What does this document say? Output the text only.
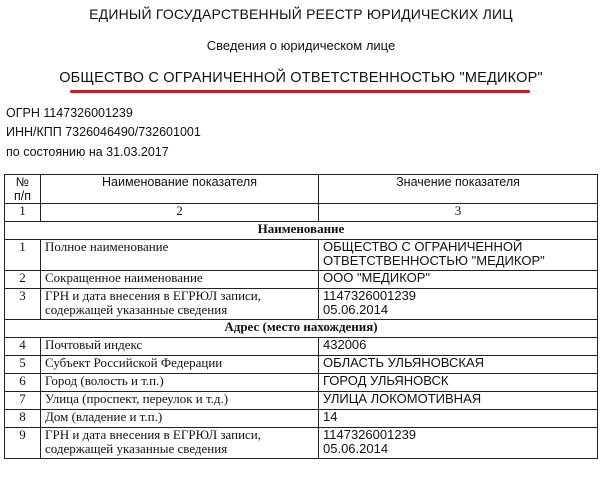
ЕДИНЫЙ ГОСУДАРСТВЕННЫЙ РЕЕСТР ЮРИДИЧЕСКИХ ЛИЦ
Сведения о юридическом лице
ОБЩЕСТВО С ОГРАНИЧЕННОЙ ОТВЕТСТВЕННОСТЬЮ "МЕДИКОР"
ОГРН 1147326001239
ИНН/КПП 7326046490/732601001
по состоянию на 31.03.2017
№ п/п	Наименование показателя	Значение показателя
1	2	3
Наименование		
1	Полное наименование	ОБЩЕСТВО С ОГРАНИЧЕННОЙ
ОТВЕТСТВЕННОСТЬЮ "МЕДИКОР"

2	Сокращенное наименование	ООО "МЕДИКОР"

3	ГРН и дата внесения в ЕГРЮЛ записи,
содержащей указанные сведения	1147326001239
05.06.2014

Адрес (место нахождения)		
4	Почтовый индекс	432006

5	Субъект Российской Федерации	ОБЛАСТЬ УЛЬЯНОВСКАЯ

6	Город (волость и т.п.)	ГОРОД УЛЬЯНОВСК

7	Улица (проспект, переулок и т.д.)	УЛИЦА ЛОКОМОТИВНАЯ

8	Дом (владение и т.п.)	14

9	ГРН и дата внесения в ЕГРЮЛ записи,
содержащей указанные сведения	1147326001239
05.06.2014
